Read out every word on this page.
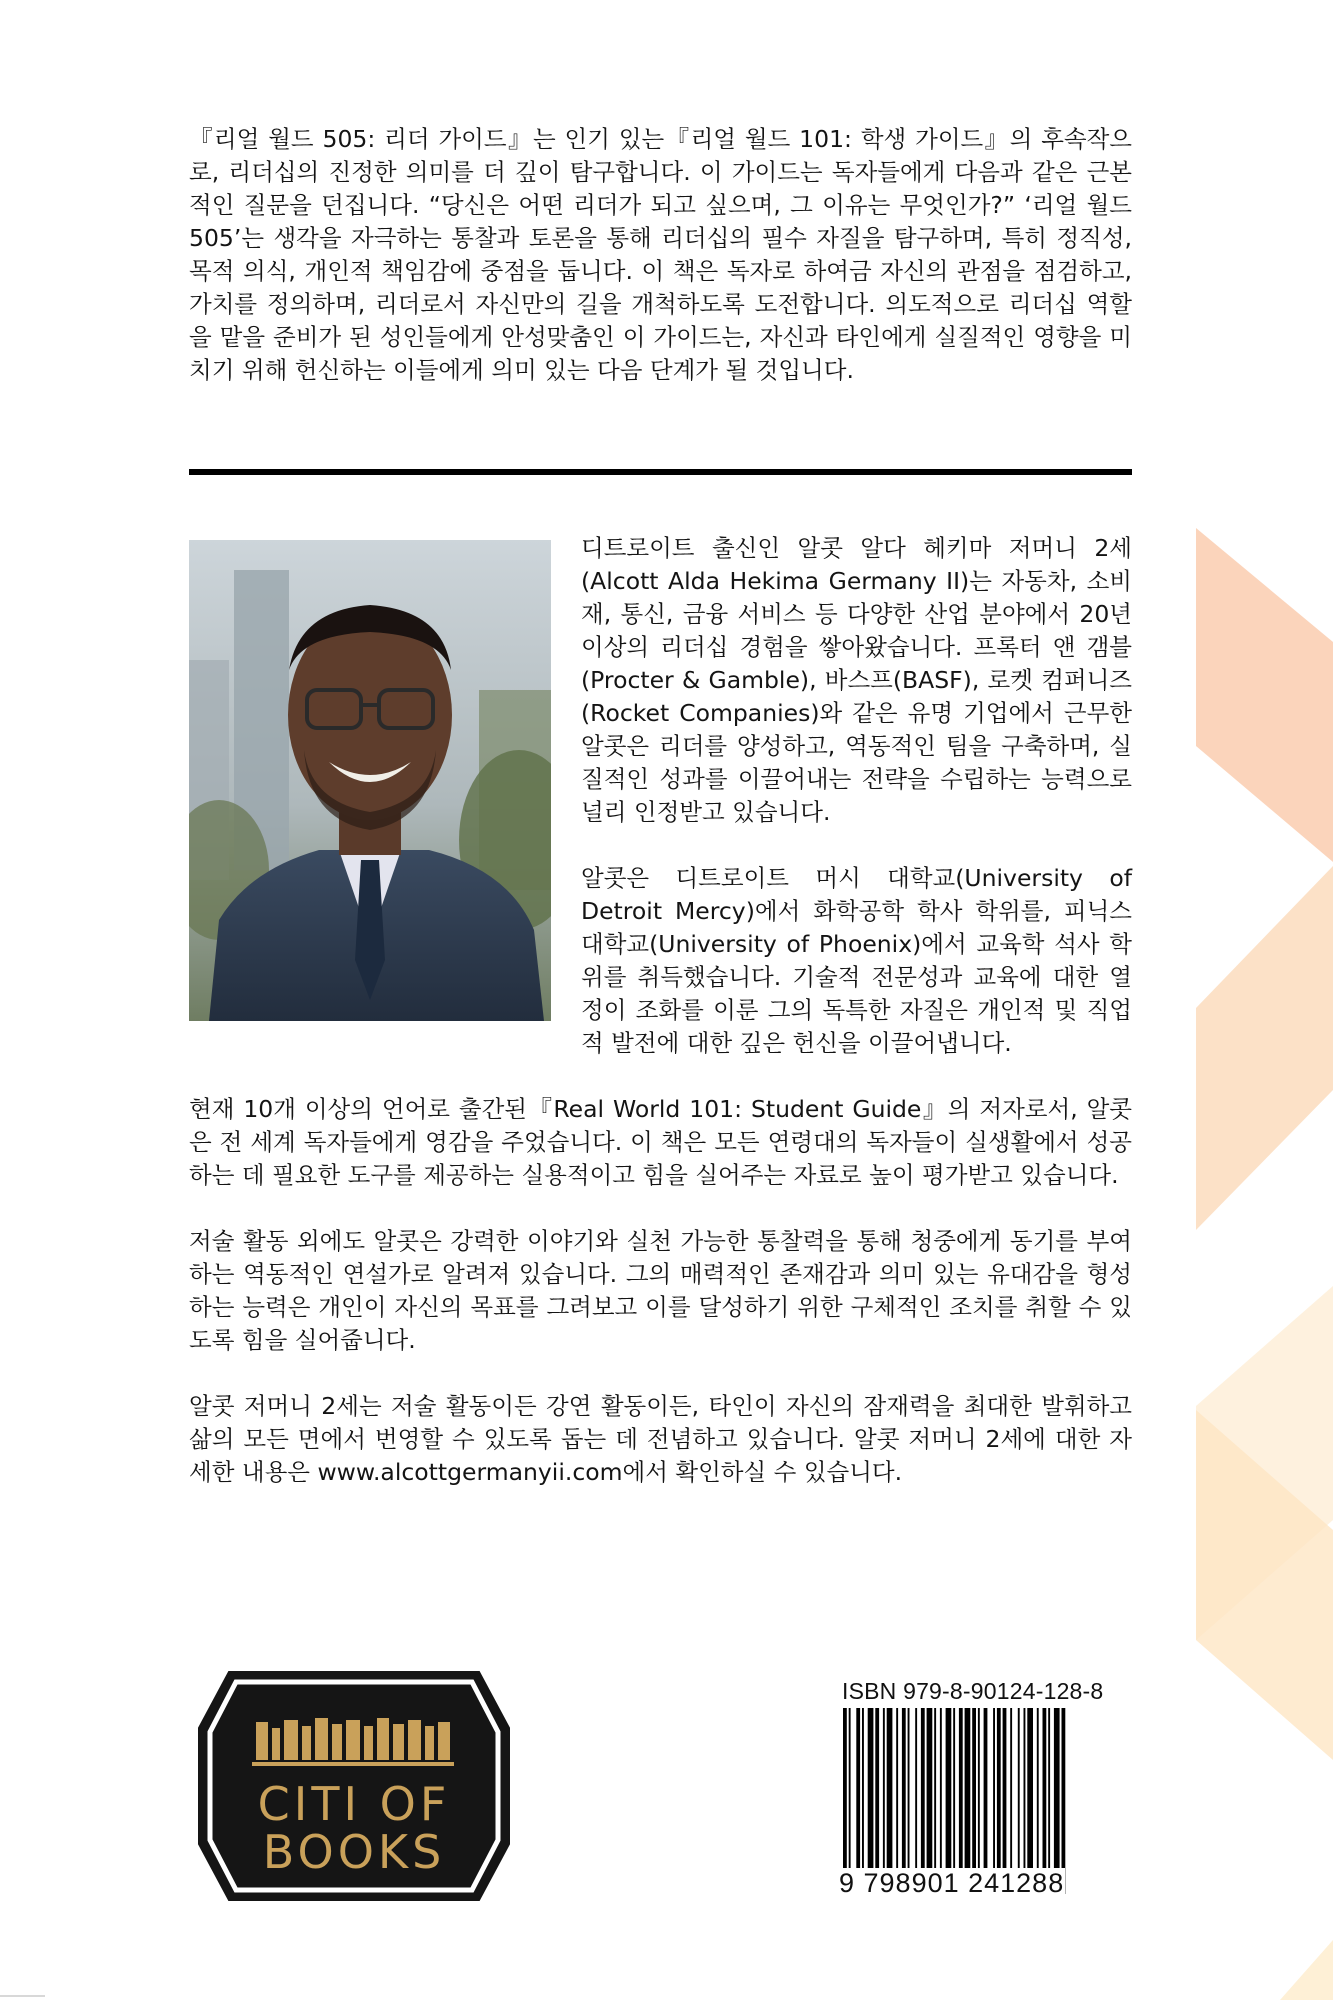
『리얼 월드 505: 리더 가이드』는 인기 있는『리얼 월드 101: 학생 가이드』의 후속작으로, 리더십의 진정한 의미를 더 깊이 탐구합니다. 이 가이드는 독자들에게 다음과 같은 근본적인 질문을 던집니다. “당신은 어떤 리더가 되고 싶으며, 그 이유는 무엇인가?” ‘리얼 월드 505’는 생각을 자극하는 통찰과 토론을 통해 리더십의 필수 자질을 탐구하며, 특히 정직성, 목적 의식, 개인적 책임감에 중점을 둡니다. 이 책은 독자로 하여금 자신의 관점을 점검하고, 가치를 정의하며, 리더로서 자신만의 길을 개척하도록 도전합니다. 의도적으로 리더십 역할을 맡을 준비가 된 성인들에게 안성맞춤인 이 가이드는, 자신과 타인에게 실질적인 영향을 미치기 위해 헌신하는 이들에게 의미 있는 다음 단계가 될 것입니다.

디트로이트 출신인 알콧 알다 헤키마 저머니 2세(Alcott Alda Hekima Germany II)는 자동차, 소비재, 통신, 금융 서비스 등 다양한 산업 분야에서 20년 이상의 리더십 경험을 쌓아왔습니다. 프록터 앤 갬블(Procter & Gamble), 바스프(BASF), 로켓 컴퍼니즈(Rocket Companies)와 같은 유명 기업에서 근무한 알콧은 리더를 양성하고, 역동적인 팀을 구축하며, 실질적인 성과를 이끌어내는 전략을 수립하는 능력으로 널리 인정받고 있습니다.

알콧은 디트로이트 머시 대학교(University of Detroit Mercy)에서 화학공학 학사 학위를, 피닉스 대학교(University of Phoenix)에서 교육학 석사 학위를 취득했습니다. 기술적 전문성과 교육에 대한 열정이 조화를 이룬 그의 독특한 자질은 개인적 및 직업적 발전에 대한 깊은 헌신을 이끌어냅니다.

현재 10개 이상의 언어로 출간된『Real World 101: Student Guide』의 저자로서, 알콧은 전 세계 독자들에게 영감을 주었습니다. 이 책은 모든 연령대의 독자들이 실생활에서 성공하는 데 필요한 도구를 제공하는 실용적이고 힘을 실어주는 자료로 높이 평가받고 있습니다.

저술 활동 외에도 알콧은 강력한 이야기와 실천 가능한 통찰력을 통해 청중에게 동기를 부여하는 역동적인 연설가로 알려져 있습니다. 그의 매력적인 존재감과 의미 있는 유대감을 형성하는 능력은 개인이 자신의 목표를 그려보고 이를 달성하기 위한 구체적인 조치를 취할 수 있도록 힘을 실어줍니다.

알콧 저머니 2세는 저술 활동이든 강연 활동이든, 타인이 자신의 잠재력을 최대한 발휘하고 삶의 모든 면에서 번영할 수 있도록 돕는 데 전념하고 있습니다. 알콧 저머니 2세에 대한 자세한 내용은 www.alcottgermanyii.com에서 확인하실 수 있습니다.

CITI OF
BOOKS
ISBN 979-8-90124-128-8
9 798901 241288
